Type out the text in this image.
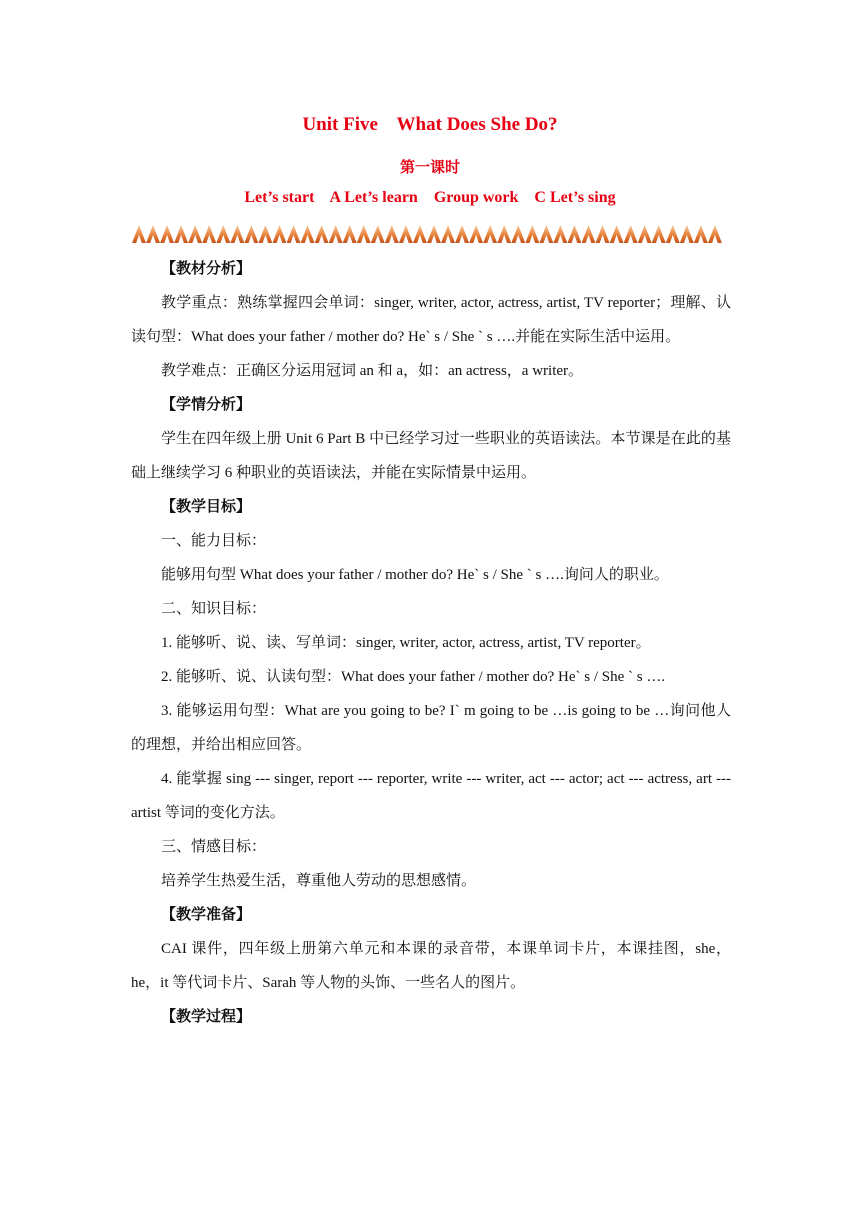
Unit Five    What Does She Do?
第一课时
Let’s start    A Let’s learn    Group work    C Let’s sing

【教材分析】

教学重点：熟练掌握四会单词：singer, writer, actor, actress, artist, TV reporter；理解、认读句型：What does your father / mother do? He` s / She ` s ….并能在实际生活中运用。

教学难点：正确区分运用冠词 an 和 a，如：an actress，a writer。

【学情分析】

学生在四年级上册 Unit 6 Part B 中已经学习过一些职业的英语读法。本节课是在此的基础上继续学习 6 种职业的英语读法，并能在实际情景中运用。

【教学目标】

一、能力目标：

能够用句型 What does your father / mother do? He` s / She ` s ….询问人的职业。

二、知识目标：

1. 能够听、说、读、写单词：singer, writer, actor, actress, artist, TV reporter。

2. 能够听、说、认读句型：What does your father / mother do? He` s / She ` s ….

3. 能够运用句型：What are you going to be? I` m going to be …is going to be …询问他人的理想，并给出相应回答。

4. 能掌握 sing --- singer, report --- reporter, write --- writer, act --- actor; act --- actress, art --- artist 等词的变化方法。

三、情感目标：

培养学生热爱生活，尊重他人劳动的思想感情。

【教学准备】

CAI 课件，四年级上册第六单元和本课的录音带，本课单词卡片，本课挂图，she，he，it 等代词卡片、Sarah 等人物的头饰、一些名人的图片。

【教学过程】
